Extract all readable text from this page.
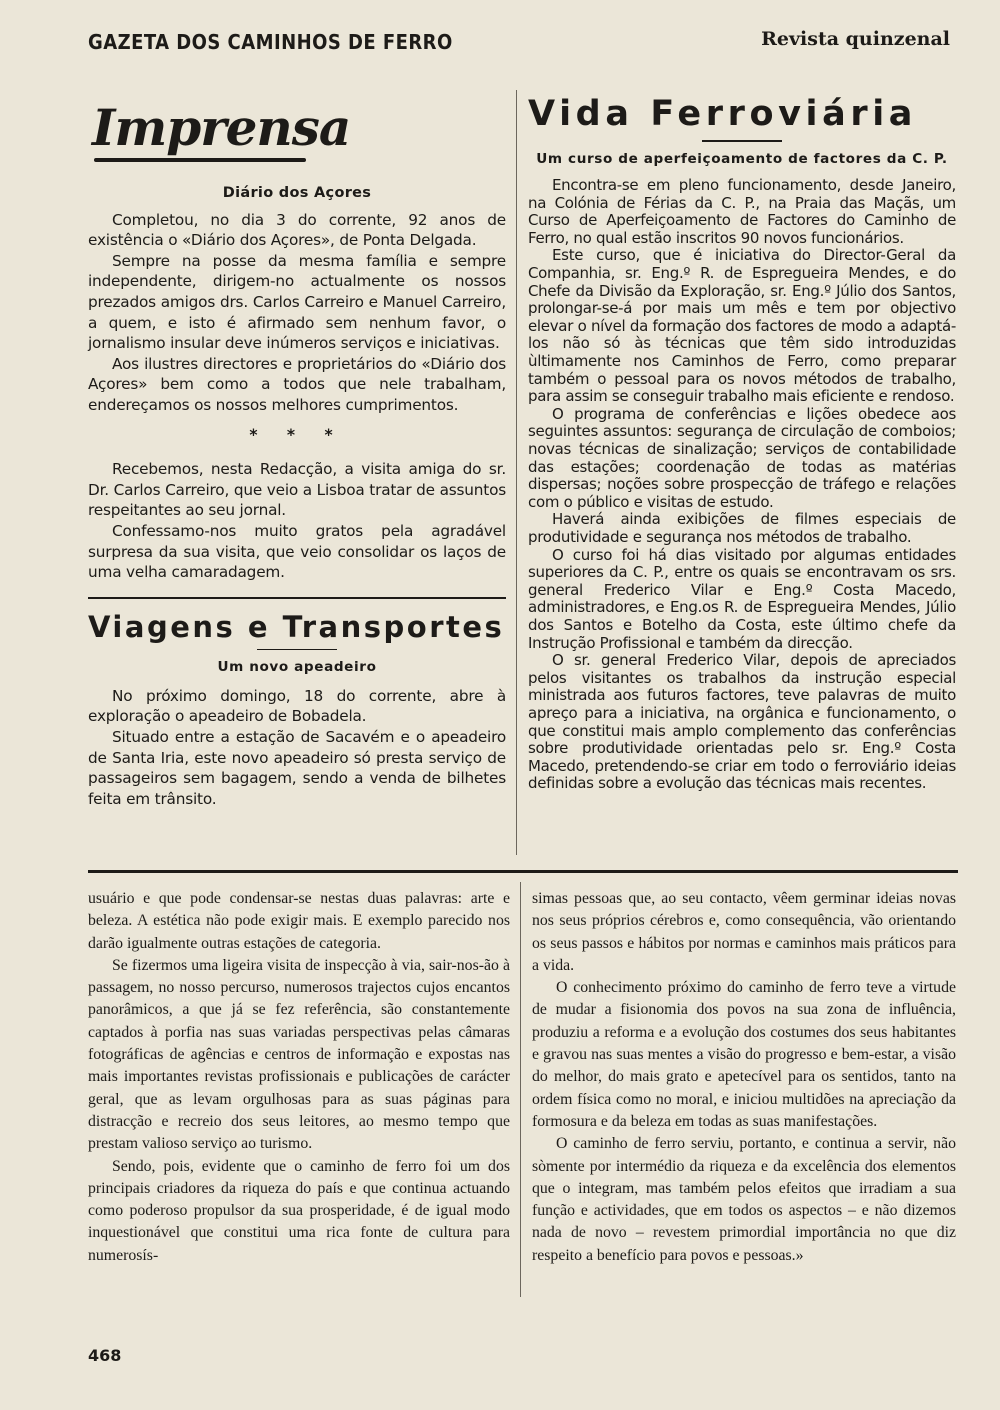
GAZETA DOS CAMINHOS DE FERRO	Revista quinzenal
Imprensa
Diário dos Açores

Completou, no dia 3 do corrente, 92 anos de existência o «Diário dos Açores», de Ponta Delgada.

Sempre na posse da mesma família e sempre independente, dirigem-no actualmente os nossos prezados amigos drs. Carlos Carreiro e Manuel Carreiro, a quem, e isto é afirmado sem nenhum favor, o jornalismo insular deve inúmeros serviços e iniciativas.

Aos ilustres directores e proprietários do «Diário dos Açores» bem como a todos que nele trabalham, endereçamos os nossos melhores cumprimentos.

* * *

Recebemos, nesta Redacção, a visita amiga do sr. Dr. Carlos Carreiro, que veio a Lisboa tratar de assuntos respeitantes ao seu jornal.

Confessamo-nos muito gratos pela agradável surpresa da sua visita, que veio consolidar os laços de uma velha camaradagem.

Viagens e Transportes
Um novo apeadeiro

No próximo domingo, 18 do corrente, abre à exploração o apeadeiro de Bobadela.

Situado entre a estação de Sacavém e o apeadeiro de Santa Iria, este novo apeadeiro só presta serviço de passageiros sem bagagem, sendo a venda de bilhetes feita em trânsito.

Vida Ferroviária
Um curso de aperfeiçoamento de factores da C. P.

Encontra-se em pleno funcionamento, desde Janeiro, na Colónia de Férias da C. P., na Praia das Maçãs, um Curso de Aperfeiçoamento de Factores do Caminho de Ferro, no qual estão inscritos 90 novos funcionários.

Este curso, que é iniciativa do Director-Geral da Companhia, sr. Eng.º R. de Espregueira Mendes, e do Chefe da Divisão da Exploração, sr. Eng.º Júlio dos Santos, prolongar-se-á por mais um mês e tem por objectivo elevar o nível da formação dos factores de modo a adaptá-los não só às técnicas que têm sido introduzidas ùltimamente nos Caminhos de Ferro, como preparar também o pessoal para os novos métodos de trabalho, para assim se conseguir trabalho mais eficiente e rendoso.

O programa de conferências e lições obedece aos seguintes assuntos: segurança de circulação de comboios; novas técnicas de sinalização; serviços de contabilidade das estações; coordenação de todas as matérias dispersas; noções sobre prospecção de tráfego e relações com o público e visitas de estudo.

Haverá ainda exibições de filmes especiais de produtividade e segurança nos métodos de trabalho.

O curso foi há dias visitado por algumas entidades superiores da C. P., entre os quais se encontravam os srs. general Frederico Vilar e Eng.º Costa Macedo, administradores, e Eng.os R. de Espregueira Mendes, Júlio dos Santos e Botelho da Costa, este último chefe da Instrução Profissional e também da direcção.

O sr. general Frederico Vilar, depois de apreciados pelos visitantes os trabalhos da instrução especial ministrada aos futuros factores, teve palavras de muito apreço para a iniciativa, na orgânica e funcionamento, o que constitui mais amplo complemento das conferências sobre produtividade orientadas pelo sr. Eng.º Costa Macedo, pretendendo-se criar em todo o ferroviário ideias definidas sobre a evolução das técnicas mais recentes.

usuário e que pode condensar-se nestas duas palavras: arte e beleza. A estética não pode exigir mais. E exemplo parecido nos darão igualmente outras estações de categoria.

Se fizermos uma ligeira visita de inspecção à via, sair-nos-ão à passagem, no nosso percurso, numerosos trajectos cujos encantos panorâmicos, a que já se fez referência, são constantemente captados à porfia nas suas variadas perspectivas pelas câmaras fotográficas de agências e centros de informação e expostas nas mais importantes revistas profissionais e publicações de carácter geral, que as levam orgulhosas para as suas páginas para distracção e recreio dos seus leitores, ao mesmo tempo que prestam valioso serviço ao turismo.

Sendo, pois, evidente que o caminho de ferro foi um dos principais criadores da riqueza do país e que continua actuando como poderoso propulsor da sua prosperidade, é de igual modo inquestionável que constitui uma rica fonte de cultura para numerosís-

simas pessoas que, ao seu contacto, vêem germinar ideias novas nos seus próprios cérebros e, como consequência, vão orientando os seus passos e hábitos por normas e caminhos mais práticos para a vida.

O conhecimento próximo do caminho de ferro teve a virtude de mudar a fisionomia dos povos na sua zona de influência, produziu a reforma e a evolução dos costumes dos seus habitantes e gravou nas suas mentes a visão do progresso e bem-estar, a visão do melhor, do mais grato e apetecível para os sentidos, tanto na ordem física como no moral, e iniciou multidões na apreciação da formosura e da beleza em todas as suas manifestações.

O caminho de ferro serviu, portanto, e continua a servir, não sòmente por intermédio da riqueza e da excelência dos elementos que o integram, mas também pelos efeitos que irradiam a sua função e actividades, que em todos os aspectos – e não dizemos nada de novo – revestem primordial importância no que diz respeito a benefício para povos e pessoas.»

468
